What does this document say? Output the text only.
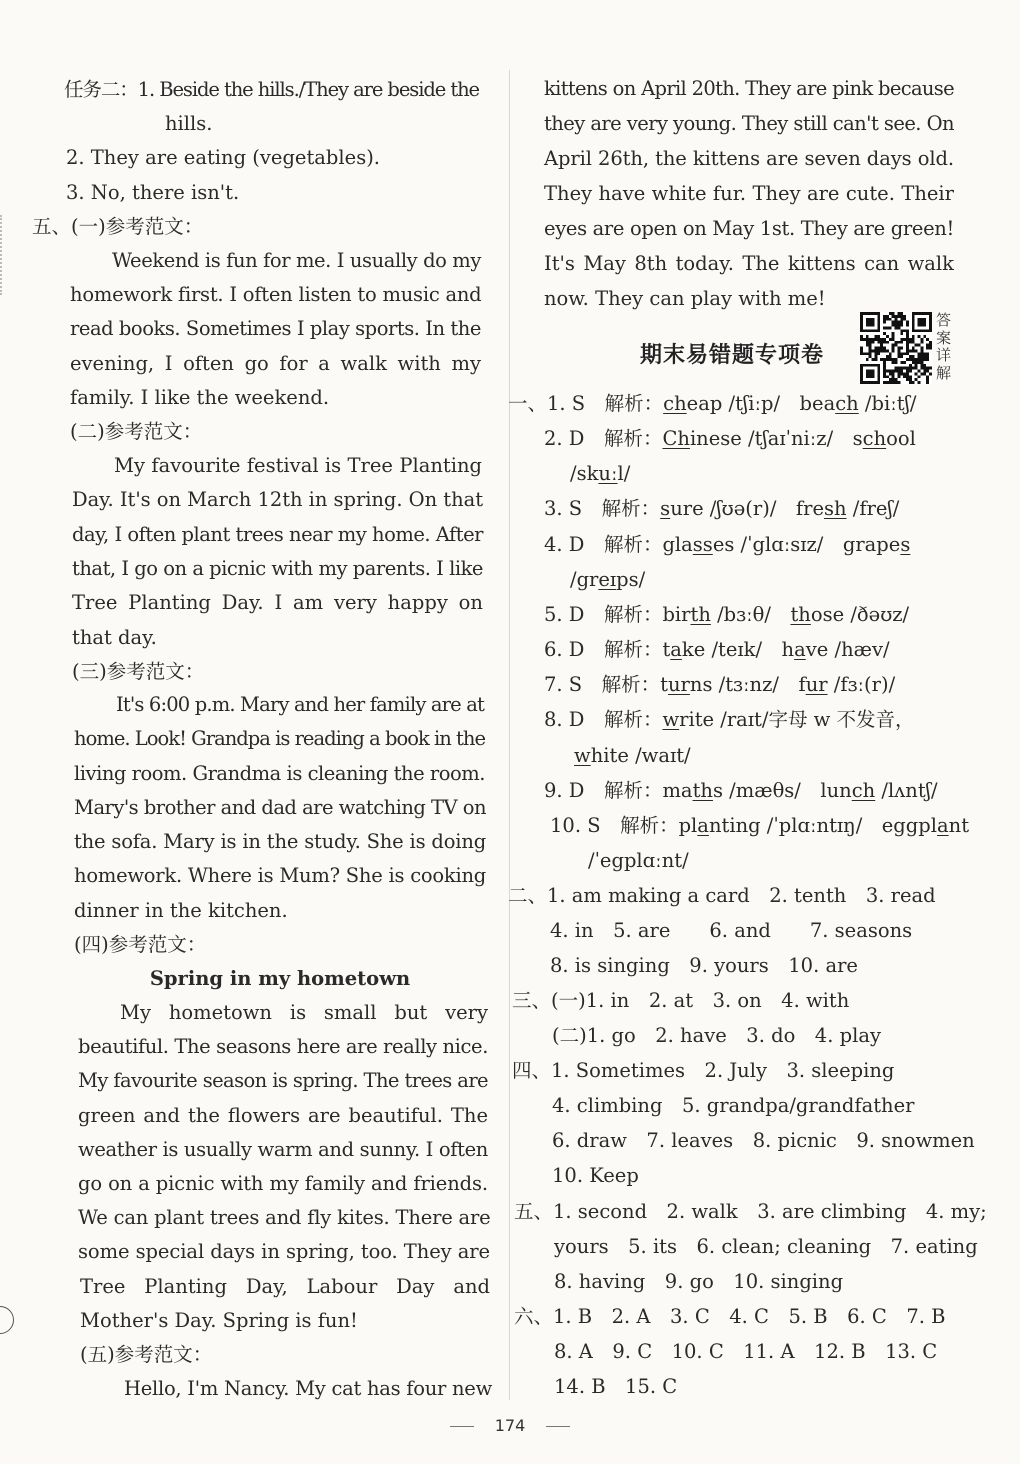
任务二：1. Beside the hills./They are beside the
hills.
2. They are eating (vegetables).
3. No, there isn't.
五、(一)参考范文：
Weekend is fun for me. I usually do my
homework first. I often listen to music and
read books. Sometimes I play sports. In the
evening, I often go for a walk with my
family. I like the weekend.
(二)参考范文：
My favourite festival is Tree Planting
Day. It's on March 12th in spring. On that
day, I often plant trees near my home. After
that, I go on a picnic with my parents. I like
Tree Planting Day. I am very happy on
that day.
(三)参考范文：
It's 6:00 p.m. Mary and her family are at
home. Look! Grandpa is reading a book in the
living room. Grandma is cleaning the room.
Mary's brother and dad are watching TV on
the sofa. Mary is in the study. She is doing
homework. Where is Mum? She is cooking
dinner in the kitchen.
(四)参考范文：
Spring in my hometown
My hometown is small but very
beautiful. The seasons here are really nice.
My favourite season is spring. The trees are
green and the flowers are beautiful. The
weather is usually warm and sunny. I often
go on a picnic with my family and friends.
We can plant trees and fly kites. There are
some special days in spring, too. They are
Tree Planting Day, Labour Day and
Mother's Day. Spring is fun!
(五)参考范文：
Hello, I'm Nancy. My cat has four new
kittens on April 20th. They are pink because
they are very young. They still can't see. On
April 26th, the kittens are seven days old.
They have white fur. They are cute. Their
eyes are open on May 1st. They are green!
It's May 8th today. The kittens can walk
now. They can play with me!
一、1. S　解析：cheap /tʃiːp/　beach /biːtʃ/
2. D　解析：Chinese /tʃaɪˈniːz/　school
/skuːl/
3. S　解析：sure /ʃʊə(r)/　fresh /freʃ/
4. D　解析：glasses /ˈglɑːsɪz/　grapes
/greɪps/
5. D　解析：birth /bɜːθ/　those /ðəʊz/
6. D　解析：take /teɪk/　have /hæv/
7. S　解析：turns /tɜːnz/　fur /fɜː(r)/
8. D　解析：write /raɪt/字母 w 不发音，
white /waɪt/
9. D　解析：maths /mæθs/　lunch /lʌntʃ/
10. S　解析：planting /ˈplɑːntɪŋ/　eggplant
/ˈegplɑːnt/
二、1. am making a card　2. tenth　3. read
4. in　5. are　　6. and　　7. seasons
8. is singing　9. yours　10. are
三、(一)1. in　2. at　3. on　4. with
(二)1. go　2. have　3. do　4. play
四、1. Sometimes　2. July　3. sleeping
4. climbing　5. grandpa/grandfather
6. draw　7. leaves　8. picnic　9. snowmen
10. Keep
五、1. second　2. walk　3. are climbing　4. my;
yours　5. its　6. clean; cleaning　7. eating
8. having　9. go　10. singing
六、1. B　2. A　3. C　4. C　5. B　6. C　7. B
8. A　9. C　10. C　11. A　12. B　13. C
14. B　15. C
期末易错题专项卷
答案详解
174
